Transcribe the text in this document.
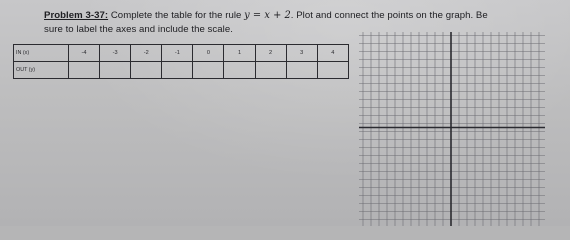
Problem 3-37: Complete the table for the rule y = x + 2. Plot and connect the points on the graph. Be
sure to label the axes and include the scale.
IN (x)	-4	-3	-2	-1	0	1	2	3	4
OUT (y)									
